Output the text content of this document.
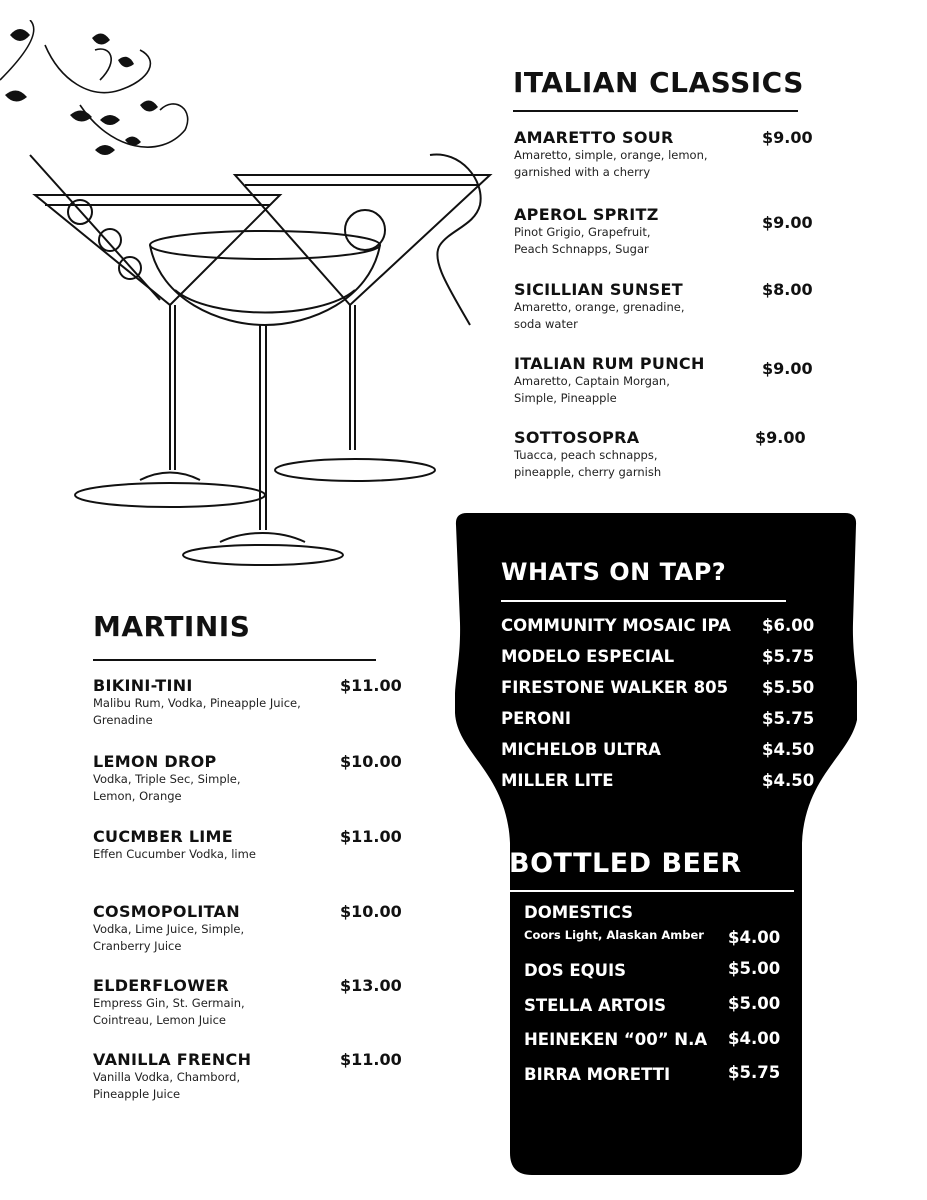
ITALIAN CLASSICS
AMARETTO SOUR
Amaretto, simple, orange, lemon, garnished with a cherry
$9.00
APEROL SPRITZ
Pinot Grigio, Grapefruit, Peach Schnapps, Sugar
$9.00
SICILLIAN SUNSET
Amaretto, orange, grenadine, soda water
$8.00
ITALIAN RUM PUNCH
Amaretto, Captain Morgan, Simple, Pineapple
$9.00
SOTTOSOPRA
Tuacca, peach schnapps, pineapple, cherry garnish
$9.00
MARTINIS
BIKINI-TINI
Malibu Rum, Vodka, Pineapple Juice, Grenadine
$11.00
LEMON DROP
Vodka, Triple Sec, Simple, Lemon, Orange
$10.00
CUCMBER LIME
Effen Cucumber Vodka, lime
$11.00
COSMOPOLITAN
Vodka, Lime Juice, Simple, Cranberry Juice
$10.00
ELDERFLOWER
Empress Gin, St. Germain, Cointreau, Lemon Juice
$13.00
VANILLA FRENCH
Vanilla Vodka, Chambord, Pineapple Juice
$11.00
WHATS ON TAP?
COMMUNITY MOSAIC IPA $6.00
MODELO ESPECIAL	$5.75
FIRESTONE WALKER 805 $5.50
PERONI	$5.75
MICHELOB ULTRA	$4.50
MILLER LITE	$4.50
BOTTLED BEER
DOMESTICS
Coors Light, Alaskan Amber	$4.00
DOS EQUIS	$5.00
STELLA ARTOIS	$5.00
HEINEKEN “00” N.A $4.00
BIRRA MORETTI	$5.75
